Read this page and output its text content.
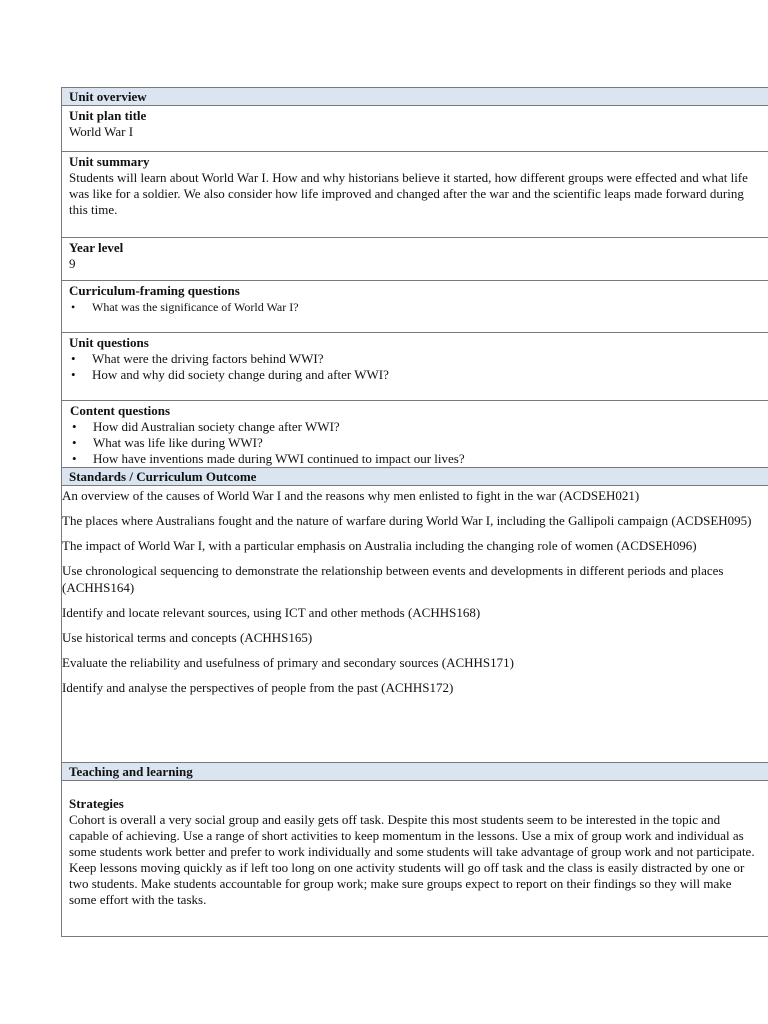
Unit overview

Unit plan title
World War I

Unit summary
Students will learn about World War I. How and why historians believe it started, how different groups were effected and what life was like for a soldier. We also consider how life improved and changed after the war and the scientific leaps made forward during this time.

Year level
9

Curriculum-framing questions
• What was the significance of World War I?

Unit questions
• What were the driving factors behind WWI?
• How and why did society change during and after WWI?

Content questions
• How did Australian society change after WWI?
• What was life like during WWI?
• How have inventions made during WWI continued to impact our lives?

Standards / Curriculum Outcome

An overview of the causes of World War I and the reasons why men enlisted to fight in the war (ACDSEH021)

The places where Australians fought and the nature of warfare during World War I, including the Gallipoli campaign (ACDSEH095)

The impact of World War I, with a particular emphasis on Australia including the changing role of women (ACDSEH096)

Use chronological sequencing to demonstrate the relationship between events and developments in different periods and places (ACHHS164)

Identify and locate relevant sources, using ICT and other methods (ACHHS168)

Use historical terms and concepts (ACHHS165)

Evaluate the reliability and usefulness of primary and secondary sources (ACHHS171)

Identify and analyse the perspectives of people from the past (ACHHS172)

Teaching and learning

Strategies
Cohort is overall a very social group and easily gets off task. Despite this most students seem to be interested in the topic and capable of achieving. Use a range of short activities to keep momentum in the lessons. Use a mix of group work and individual as some students work better and prefer to work individually and some students will take advantage of group work and not participate. Keep lessons moving quickly as if left too long on one activity students will go off task and the class is easily distracted by one or two students. Make students accountable for group work; make sure groups expect to report on their findings so they will make some effort with the tasks.
